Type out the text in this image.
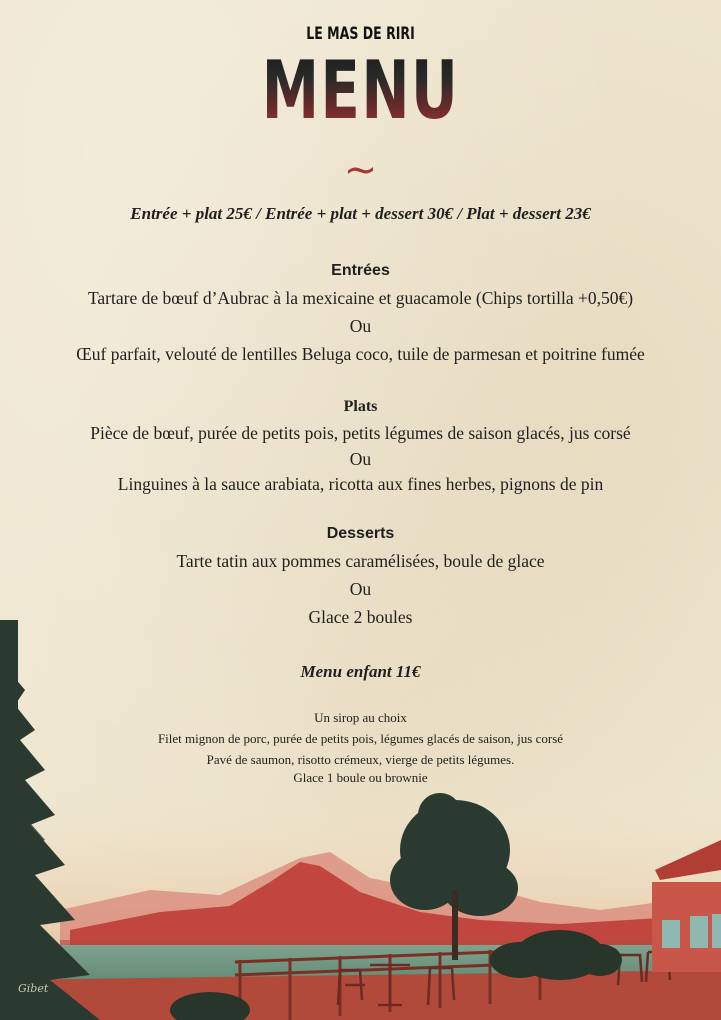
LE MAS DE RIRI
MENU
~
Entrée + plat 25€ / Entrée + plat + dessert 30€ / Plat + dessert 23€
Entrées
Tartare de bœuf d’Aubrac à la mexicaine et guacamole (Chips tortilla +0,50€)
Ou
Œuf parfait, velouté de lentilles Beluga coco, tuile de parmesan et poitrine fumée
Plats
Pièce de bœuf, purée de petits pois, petits légumes de saison glacés, jus corsé
Ou
Linguines à la sauce arabiata, ricotta aux fines herbes, pignons de pin
Desserts
Tarte tatin aux pommes caramélisées, boule de glace
Ou
Glace 2 boules
Gibet
Menu enfant 11€
Un sirop au choix
Filet mignon de porc, purée de petits pois, légumes glacés de saison, jus corsé
Pavé de saumon, risotto crémeux, vierge de petits légumes.
Glace 1 boule ou brownie
